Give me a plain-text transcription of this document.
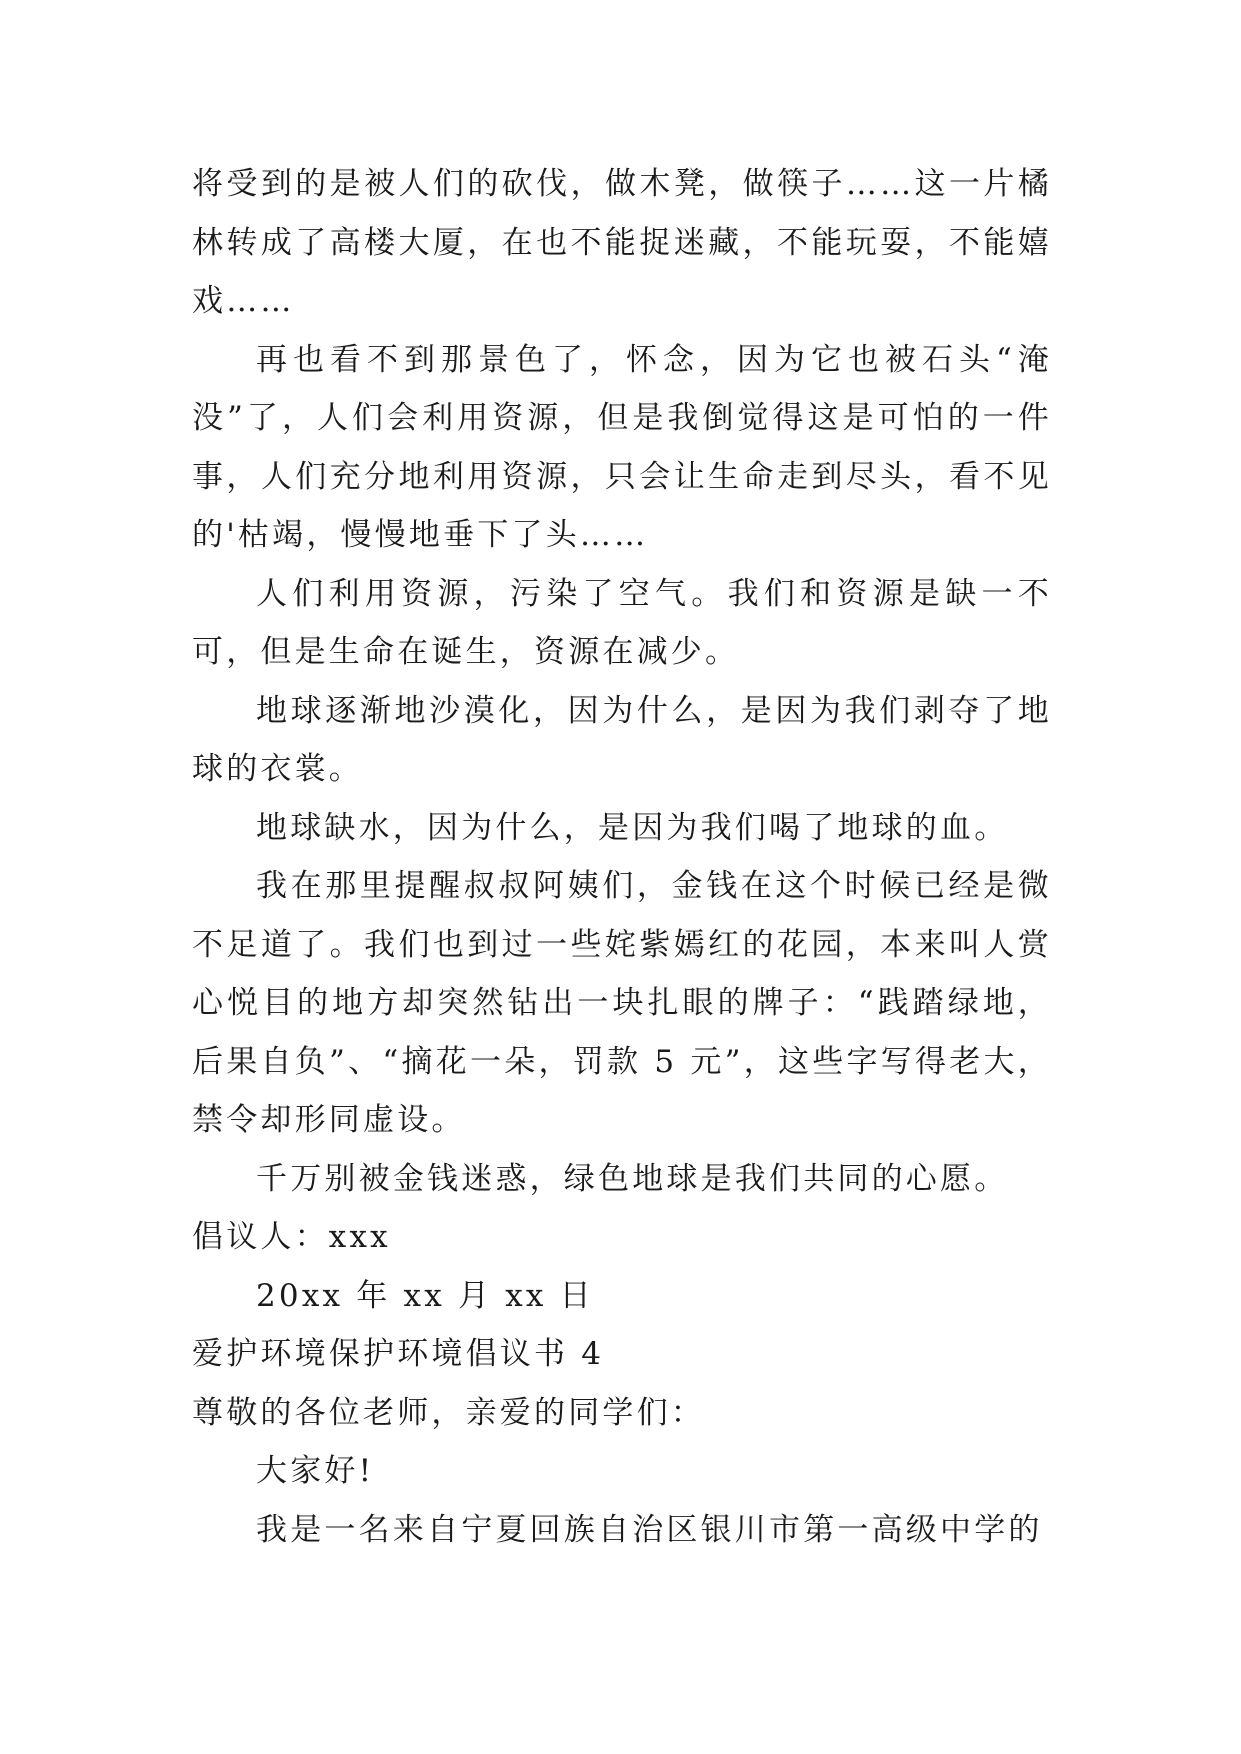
将受到的是被人们的砍伐，做木凳，做筷子……这一片橘林转成了高楼大厦，在也不能捉迷藏，不能玩耍，不能嬉戏……

再也看不到那景色了，怀念，因为它也被石头“淹没”了，人们会利用资源，但是我倒觉得这是可怕的一件事，人们充分地利用资源，只会让生命走到尽头，看不见的'枯竭，慢慢地垂下了头……

人们利用资源，污染了空气。我们和资源是缺一不可，但是生命在诞生，资源在减少。

地球逐渐地沙漠化，因为什么，是因为我们剥夺了地球的衣裳。

地球缺水，因为什么，是因为我们喝了地球的血。

我在那里提醒叔叔阿姨们，金钱在这个时候已经是微不足道了。我们也到过一些姹紫嫣红的花园，本来叫人赏心悦目的地方却突然钻出一块扎眼的牌子：“践踏绿地，后果自负”、“摘花一朵，罚款 5 元”，这些字写得老大，禁令却形同虚设。

千万别被金钱迷惑，绿色地球是我们共同的心愿。

倡议人：xxx

20xx 年 xx 月 xx 日

爱护环境保护环境倡议书 4

尊敬的各位老师，亲爱的同学们：

大家好!

我是一名来自宁夏回族自治区银川市第一高级中学的
